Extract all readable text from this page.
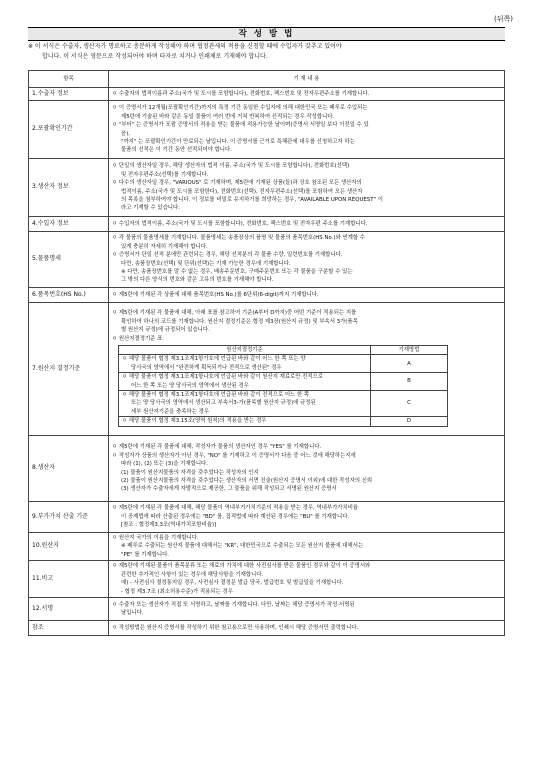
(뒤쪽)
작 성 방 법
※ 이 서식은 수출자, 생산자가 명료하고 충분하게 작성해야 하며 협정관세의 적용을 신청할 때에 수입자가 갖추고 있어야
합니다. 이 서식은 영문으로 작성되어야 하며 타자로 치거나 인쇄체로 기재해야 합니다.
항목	기 재 내 용
1.수출자 정보	ㅇ 수출자의 법적이름과 주소(국가 및 도시를 포함합니다), 전화번호, 팩스번호 및 전자우편주소를 기재합니다.

2.포괄확인기간	
ㅇ 이 증명서가 12개월(포괄확인기간)까지의 특정 기간 동일한 수입자에 의해 대한민국 또는 페루로 수입되는
제5란에 기술된 바와 같은 동일 물품이 여러 번에 거쳐 반복하여 선적되는 경우 작성합니다.
ㅇ "부터" 는 증명서가 포괄 증명서의 적용을 받는 물품에 적용가능한 날이며(증명서 서명일 보다 이전일 수 있
음),
"까지" 는 포괄확인기간이 만료되는 날입니다. 이 증명서를 근거로 특혜관세 대우를 신청하고자 하는
물품의 선적은 이 기간 동안 선적되어야 합니다.

3.생산자 정보	
ㅇ 단일의 생산자일 경우, 해당 생산자의 법적 이름, 주소(국가 및 도시를 포함합니다), 전화번호(선택)
및 전자우편주소(선택)를 기재합니다.
ㅇ 다수의 생산자일 경우, "VARIOUS" 로 기재하며, 제5란에 기재된 상품(들)과 상호 참조된 모든 생산자의
법적이름, 주소(국가 및 도시를 포함한다), 전화번호(선택), 전자우편주소(선택)를 포함하여 모든 생산자
의 목록을 첨부하여야 합니다. 이 정보를 비밀로 유지하기를 희망하는 경우, "AVAILABLE UPON REQUEST" 이
라고 기재할 수 있습니다.

4.수입자 정보	ㅇ 수입자의 법적이름, 주소(국가 및 도시를 포함합니다), 전화번호, 팩스번호 및 전자우편 주소를 기재합니다.

5.물품명세	
ㅇ 각 물품의 물품명세를 기재합니다. 물품명세는 송품장상의 품명 및 물품의 품목번호(HS No.)와 연계할 수
있게 충분히 자세히 기재해야 합니다.
ㅇ 증명서가 단일 선적 분에만 관련되는 경우, 해당 선적분의 각 물품 수량, 일련번호를 기재합니다.
다만, 송품장번호(선택) 및 단위(선택)는 기재 가능한 경우에 기재합니다.
※ 다만, 송품장번호를 알 수 없는 경우, 배송주문번호, 구매주문번호 또는 각 물품을 구분할 수 있는
그 밖의 다른 양식의 번호와 같은 고유의 번호를 기재해야 합니다.

6.품목번호(HS No.)	ㅇ 제5란에 기재된 각 상품에 대해 품목번호(HS No.)를 6단위(6-digit)까지 기재합니다.

7.원산지 결정기준	
ㅇ 제5란에 기재된 각 물품에 대해, 아래 표를 참고하여 기준(A부터 D까지)중 어떤 기준이 적용되는 지를
확인하여 하나의 코드를 기재합니다. 원산지 결정기준은 협정 제3장(원산지 규정) 및 부속서 3가(품목
별 원산지 규정)에 규정되어 있습니다.
ㅇ 원산지결정기준 표
원산지결정기준	기재방법

ㅇ 해당 물품이 협정 제3.1조제1항가호에 언급된 바와 같이 어느 한 쪽 또는 양
당사국의 영역에서 "완전하게 획득되거나 전적으로 생산된" 경우
	A

ㅇ 해당 물품이 협정 제3.1조제1항나호에 언급된 바와 같이 원산지 재료로만 전적으로
어느 한 쪽 또는 양 당사국의 영역에서 생산된 경우
	B

ㅇ 해당 물품이 협정 제3.1조제1항다호에 언급된 바와 같이 전적으로 어느 한 쪽
또는 양 당사국의 영역에서 생산되고 부속서3-가(품목별 원산지 규정)에 규정된
세부 원산지기준을 충족하는 경우
	C

ㅇ 해당 물품이 협정 제3.15조(영역 원칙)의 적용을 받는 경우	D

8.생산자	
ㅇ 제5란에 기재된 각 물품에 대해, 작성자가 물품의 생산자인 경우 "YES" 를 기재합니다.
ㅇ 작성자가 상품의 생산자가 아닌 경우, "NO" 를 기재하고 이 증명서가 다음 중 어느 것에 해당하는지에
따라 (1), (2) 또는 (3)을 기재합니다.
(1) 물품이 원산지물품의 자격을 갖추었다는 작성자의 인지
(2) 물품이 원산지물품의 자격을 갖추었다는 생산자의 서면 진술(원산지 증명서 이외)에 대한 작성자의 신뢰
(3) 생산자가 수출자에게 자발적으로 제공한, 그 물품을 위해 작성되고 서명된 원산지 증명서

9.부가가치 산출 기준	
ㅇ 제5란에 기재된 각 물품에 대해, 해당 물품이 역내부가가치기준의 적용을 받는 경우, 역내부가가치비율
이 공제법에 따라 산출된 경우에는 "BD" 를, 집적법에 따라 계산된 경우에는 "BU" 를 기재합니다.
[참조 : 협정제3.3조(역내가치포함비율)]

10.원산지	
ㅇ 원산지 국가의 이름을 기재합니다.
※ 페루로 수출되는 원산지 물품에 대해서는 "KR", 대한민국으로 수출되는 모든 원산지 물품에 대해서는
"PE" 를 기재합니다.

11.비고	
ㅇ 제5란에 기재된 물품이 품목분류 또는 재료의 가치에 대한 사전심사를 받은 물품인 경우와 같이 이 증명서와
관련한 추가적인 사항이 있는 경우에 해당사항을 기재합니다.
예) - 사전심사 결정통지일 경우, 사전심사 결정문 발급 당국, 발급번호 및 발급일을 기재합니다.
- 협정 제3.7조 (최소허용수준)가 적용되는 경우

12.서명	
ㅇ 수출자 또는 생산자가 직접 또 서명하고, 날짜를 기재합니다. 다만, 날짜는 해당 증명서가 작성·서명된
날입니다.

참조	ㅇ 작성방법은 원산지 증명서를 작성하기 위한 참고용으로만 사용하며, 인쇄시 해당 증명서만 출력합니다.
